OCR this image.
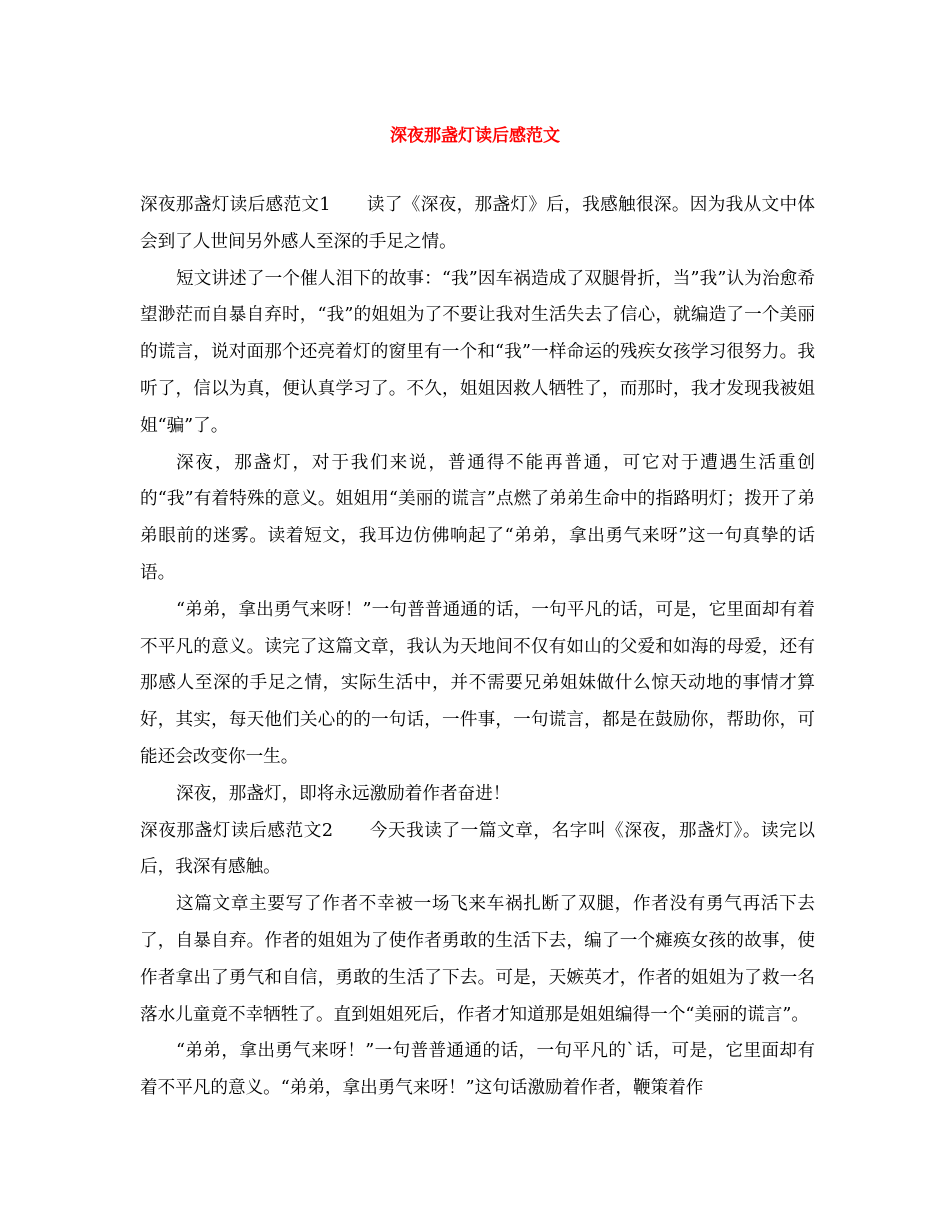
深夜那盏灯读后感范文

深夜那盏灯读后感范文1 读了《深夜，那盏灯》后，我感触很深。因为我从文中体会到了人世间另外感人至深的手足之情。

短文讲述了一个催人泪下的故事：“我”因车祸造成了双腿骨折，当”我”认为治愈希望渺茫而自暴自弃时，“我”的姐姐为了不要让我对生活失去了信心，就编造了一个美丽的谎言，说对面那个还亮着灯的窗里有一个和“我”一样命运的残疾女孩学习很努力。我听了，信以为真，便认真学习了。不久，姐姐因救人牺牲了，而那时，我才发现我被姐姐“骗”了。

深夜，那盏灯，对于我们来说，普通得不能再普通，可它对于遭遇生活重创的“我”有着特殊的意义。姐姐用“美丽的谎言”点燃了弟弟生命中的指路明灯；拨开了弟弟眼前的迷雾。读着短文，我耳边仿佛响起了“弟弟，拿出勇气来呀”这一句真挚的话语。

“弟弟，拿出勇气来呀！”一句普普通通的话，一句平凡的话，可是，它里面却有着不平凡的意义。读完了这篇文章，我认为天地间不仅有如山的父爱和如海的母爱，还有那感人至深的手足之情，实际生活中，并不需要兄弟姐妹做什么惊天动地的事情才算好，其实，每天他们关心的的一句话，一件事，一句谎言，都是在鼓励你，帮助你，可能还会改变你一生。

深夜，那盏灯，即将永远激励着作者奋进！

深夜那盏灯读后感范文2 今天我读了一篇文章，名字叫《深夜，那盏灯》。读完以后，我深有感触。

这篇文章主要写了作者不幸被一场飞来车祸扎断了双腿，作者没有勇气再活下去了，自暴自弃。作者的姐姐为了使作者勇敢的生活下去，编了一个瘫痪女孩的故事，使作者拿出了勇气和自信，勇敢的生活了下去。可是，天嫉英才，作者的姐姐为了救一名落水儿童竟不幸牺牲了。直到姐姐死后，作者才知道那是姐姐编得一个“美丽的谎言”。

“弟弟，拿出勇气来呀！”一句普普通通的话，一句平凡的`话，可是，它里面却有着不平凡的意义。“弟弟，拿出勇气来呀！”这句话激励着作者，鞭策着作
